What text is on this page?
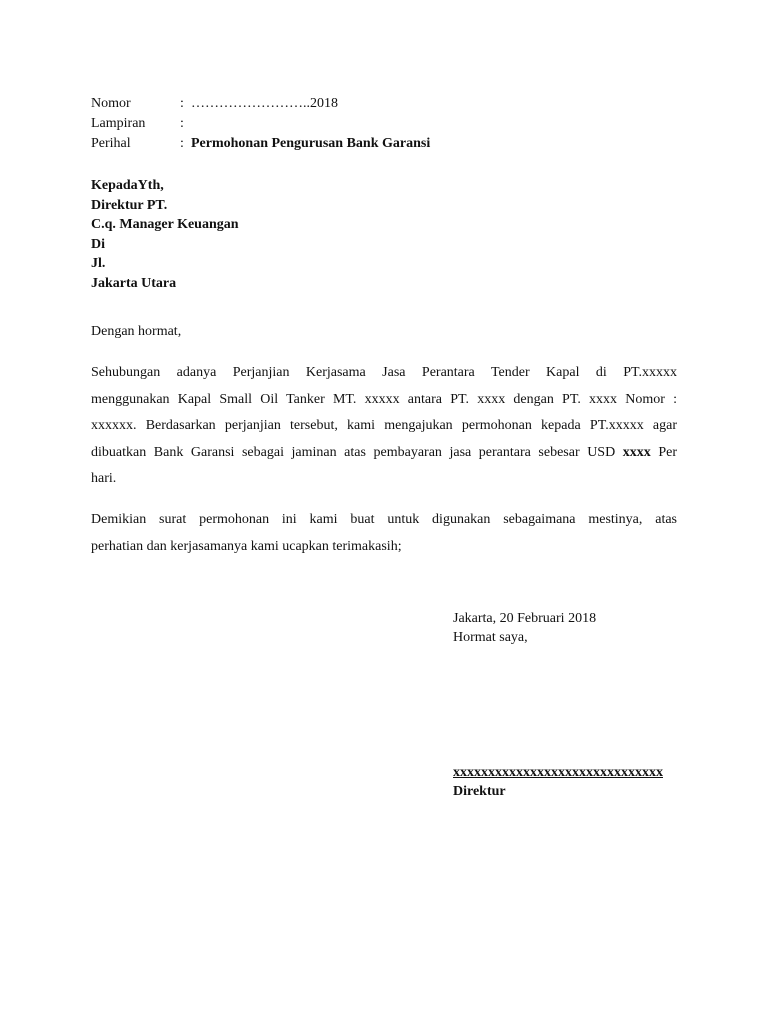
Nomor	: ……………………..2018
Lampiran :
Perihal	: Permohonan Pengurusan Bank Garansi
KepadaYth,
Direktur PT.
C.q. Manager Keuangan
Di
Jl.
Jakarta Utara
Dengan hormat,
Sehubungan adanya Perjanjian Kerjasama Jasa Perantara Tender Kapal di PT.xxxxx
menggunakan Kapal Small Oil Tanker MT. xxxxx antara PT. xxxx dengan PT. xxxx Nomor :
xxxxxx. Berdasarkan perjanjian tersebut, kami mengajukan permohonan kepada PT.xxxxx agar
dibuatkan Bank Garansi sebagai jaminan atas pembayaran jasa perantara sebesar USD xxxx Per
hari.
Demikian surat permohonan ini kami buat untuk digunakan sebagaimana mestinya, atas
perhatian dan kerjasamanya kami ucapkan terimakasih;
Jakarta, 20 Februari 2018
Hormat saya,
xxxxxxxxxxxxxxxxxxxxxxxxxxxxxx
Direktur
